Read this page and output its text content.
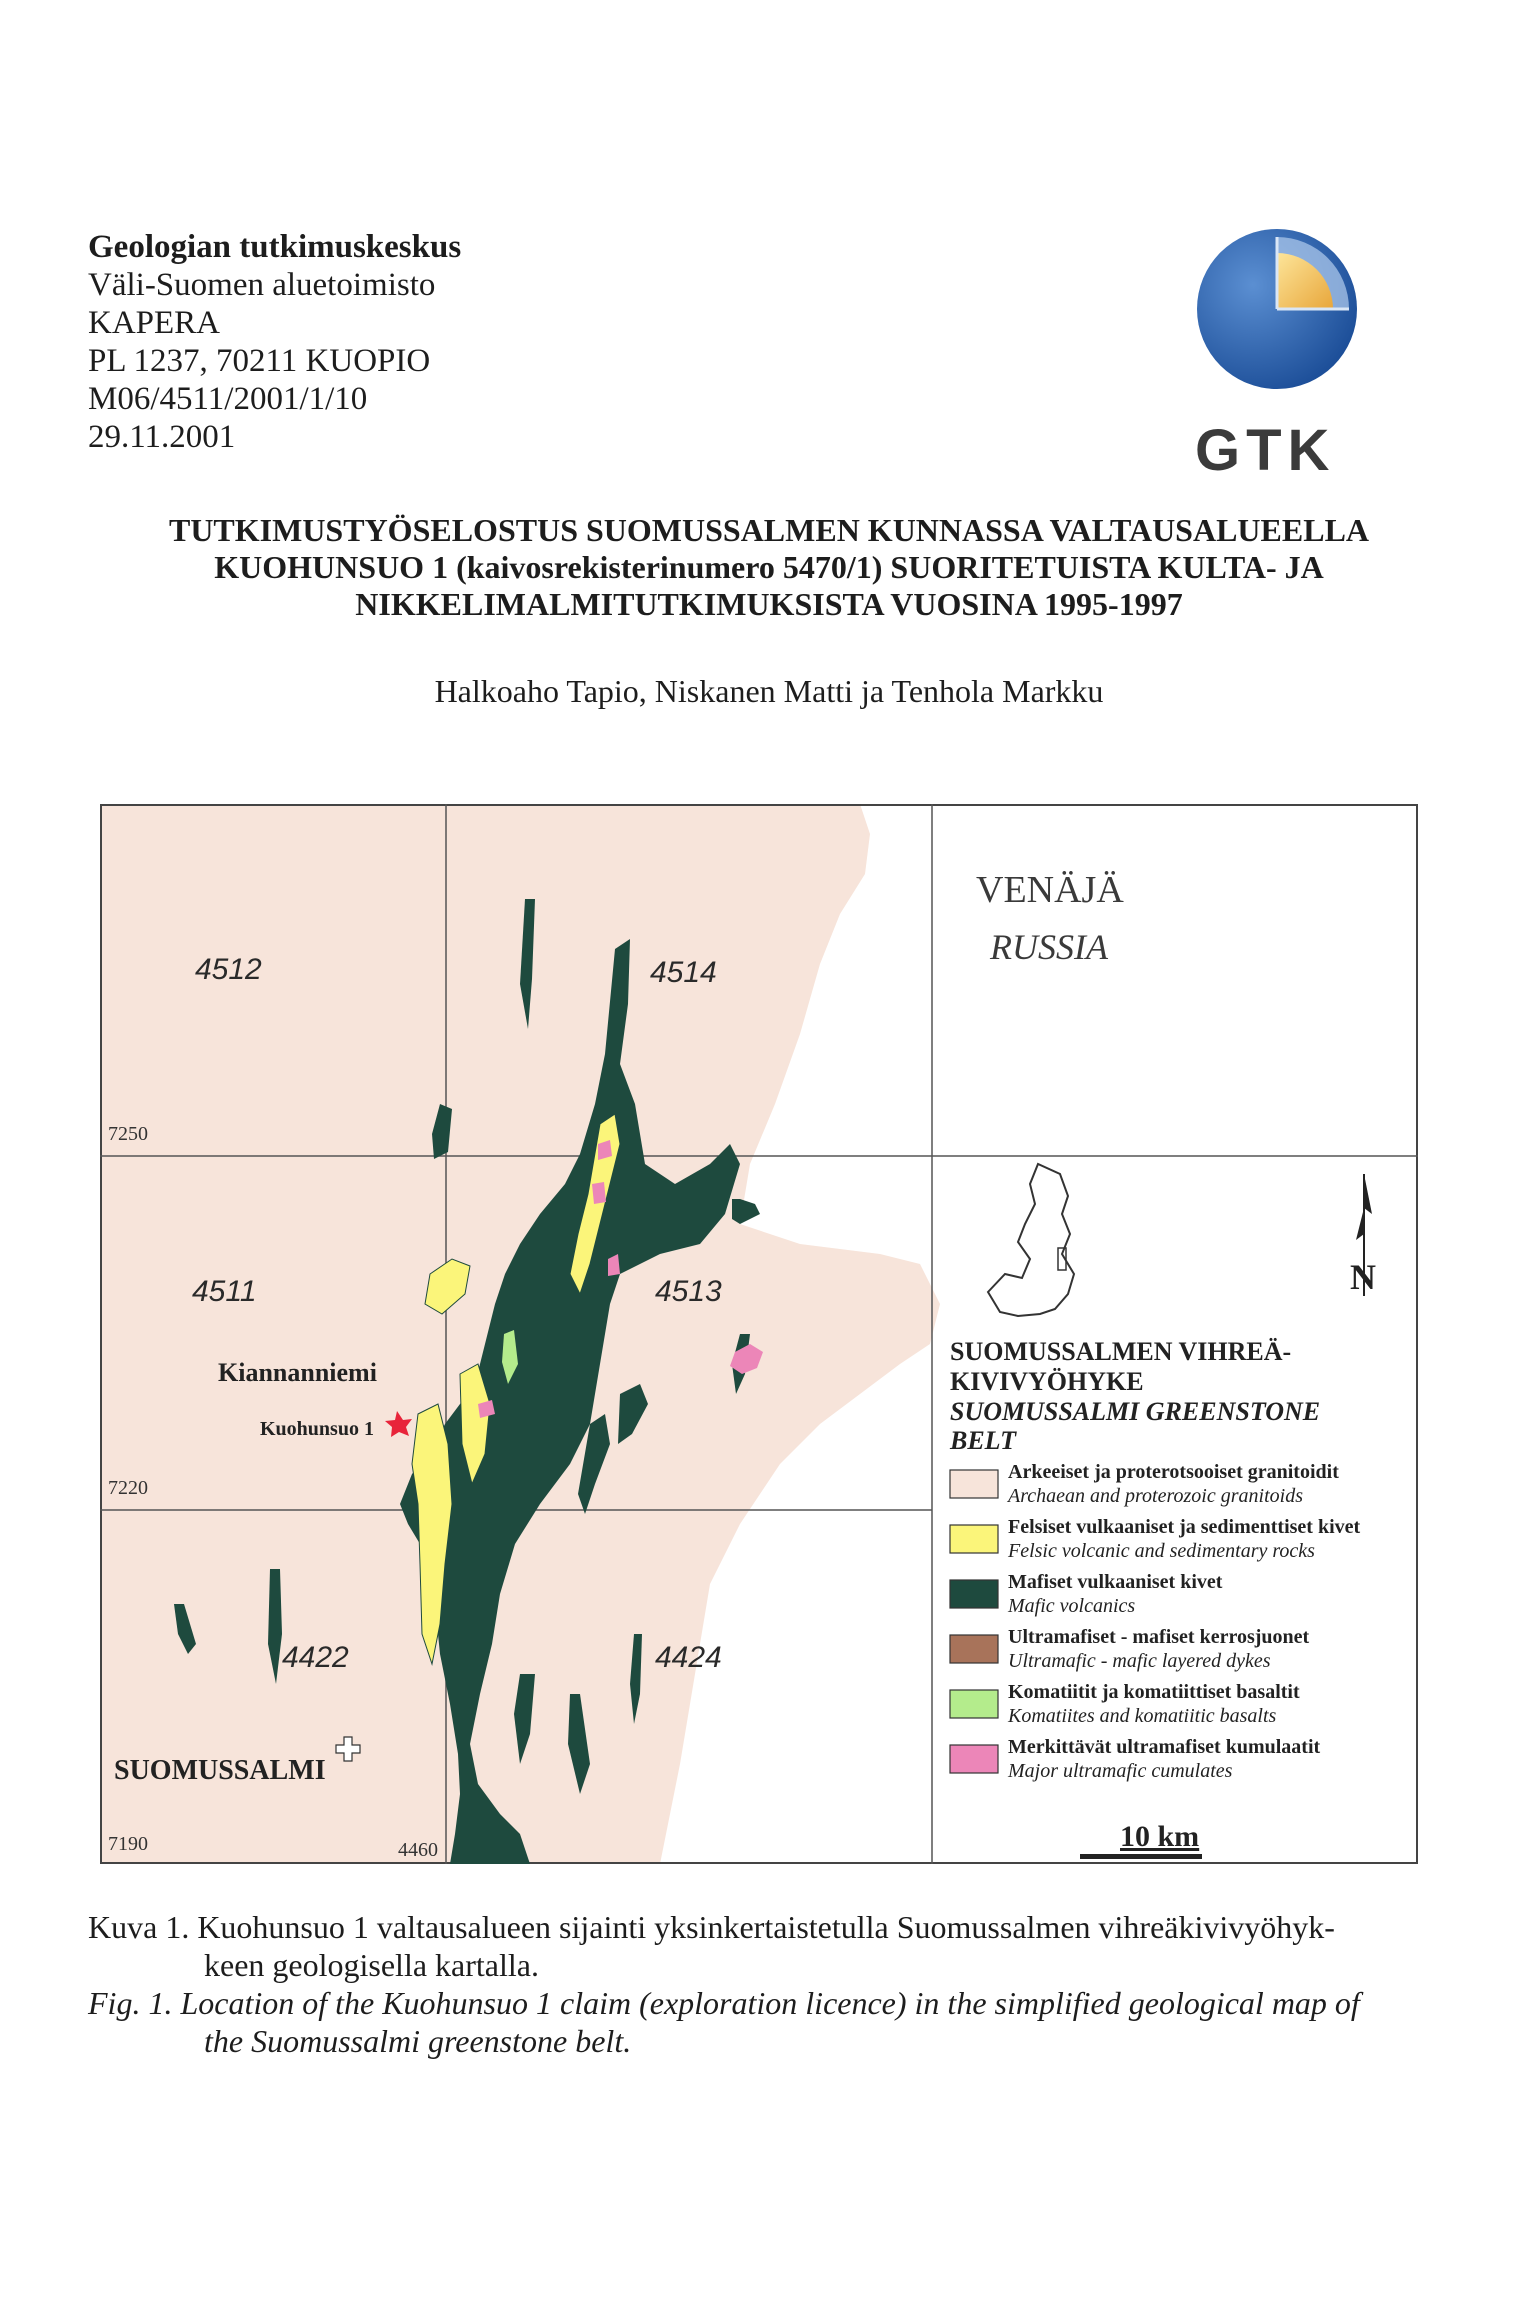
Geologian tutkimuskeskus
Väli-Suomen aluetoimisto
KAPERA
PL 1237, 70211 KUOPIO
M06/4511/2001/1/10
29.11.2001	GTK
TUTKIMUSTYÖSELOSTUS SUOMUSSALMEN KUNNASSA VALTAUSALUEELLA
KUOHUNSUO 1 (kaivosrekisterinumero 5470/1) SUORITETUISTA KULTA- JA
NIKKELIMALMITUTKIMUKSISTA VUOSINA 1995-1997
Halkoaho Tapio, Niskanen Matti ja Tenhola Markku
4512	4514
4511	4513
4422	4424
7250
7220
7190	4460
Kiannanniemi
Kuohunsuo 1
SUOMUSSALMI
VENÄJÄ
RUSSIA
N
SUOMUSSALMEN VIHREÄ-
KIVIVYÖHYKE
SUOMUSSALMI GREENSTONE
BELT
Arkeeiset ja proterotsooiset granitoidit
Archaean and proterozoic granitoids
Felsiset vulkaaniset ja sedimenttiset kivet
Felsic volcanic and sedimentary rocks
Mafiset vulkaaniset kivet
Mafic volcanics
Ultramafiset - mafiset kerrosjuonet
Ultramafic - mafic layered dykes
Komatiitit ja komatiittiset basaltit
Komatiites and komatiitic basalts
Merkittävät ultramafiset kumulaatit
Major ultramafic cumulates
10 km
Kuva 1. Kuohunsuo 1 valtausalueen sijainti yksinkertaistetulla Suomussalmen vihreäkivivyöhyk-
keen geologisella kartalla.
Fig. 1. Location of the Kuohunsuo 1 claim (exploration licence) in the simplified geological map of
the Suomussalmi greenstone belt.
